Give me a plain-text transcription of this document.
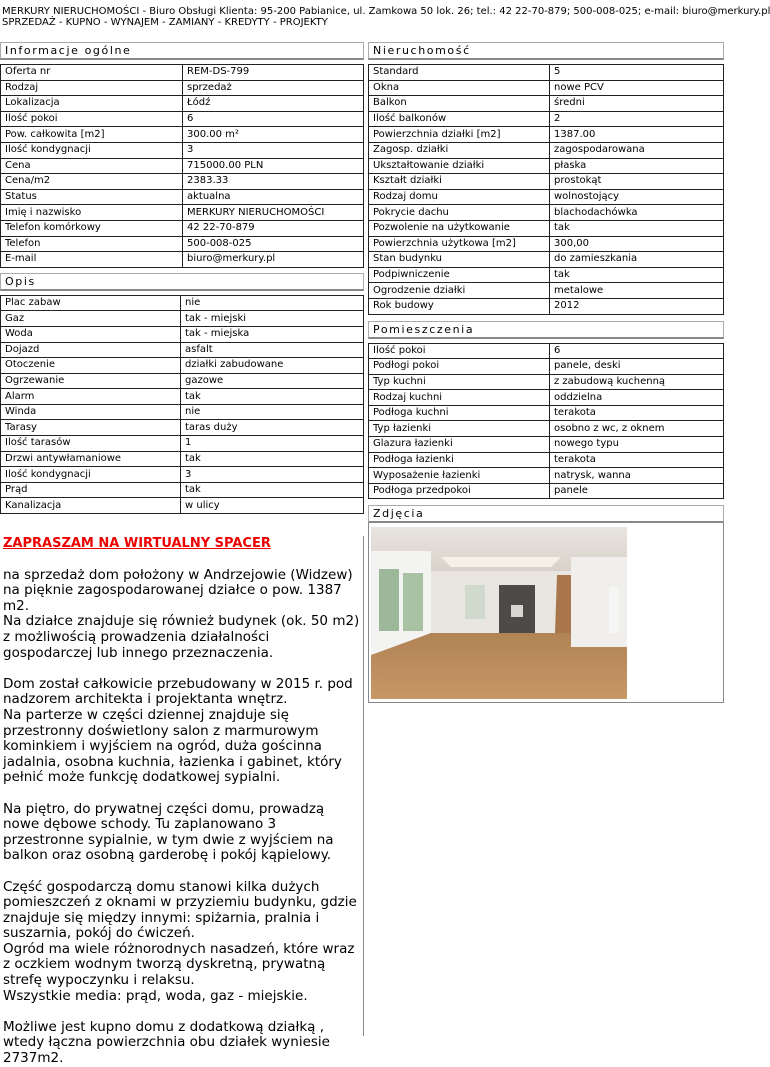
MERKURY NIERUCHOMOŚCI - Biuro Obsługi Klienta: 95-200 Pabianice, ul. Zamkowa 50 lok. 26; tel.: 42 22-70-879; 500-008-025; e-mail: biuro@merkury.pl
SPRZEDAŻ - KUPNO - WYNAJEM - ZAMIANY - KREDYTY - PROJEKTY
Informacje ogólne
Oferta nr	REM-DS-799
Rodzaj	sprzedaż
Lokalizacja	Łódź
Ilość pokoi	6
Pow. całkowita [m2]	300.00 m²
Ilość kondygnacji	3
Cena	715000.00 PLN
Cena/m2	2383.33
Status	aktualna
Imię i nazwisko	MERKURY NIERUCHOMOŚCI
Telefon komórkowy	42 22-70-879
Telefon	500-008-025
E-mail	biuro@merkury.pl
Opis
Plac zabaw	nie
Gaz	tak - miejski
Woda	tak - miejska
Dojazd	asfalt
Otoczenie	działki zabudowane
Ogrzewanie	gazowe
Alarm	tak
Winda	nie
Tarasy	taras duży
Ilość tarasów	1
Drzwi antywłamaniowe	tak
Ilość kondygnacji	3
Prąd	tak
Kanalizacja	w ulicy
ZAPRASZAM NA WIRTUALNY SPACER

na sprzedaż dom położony w Andrzejowie (Widzew) na pięknie zagospodarowanej działce o pow. 1387 m2.

Na działce znajduje się również budynek (ok. 50 m2) z możliwością prowadzenia działalności gospodarczej lub innego przeznaczenia.

Dom został całkowicie przebudowany w 2015 r. pod nadzorem architekta i projektanta wnętrz.

Na parterze w części dziennej znajduje się przestronny doświetlony salon z marmurowym kominkiem i wyjściem na ogród, duża gościnna jadalnia, osobna kuchnia, łazienka i gabinet, który pełnić może funkcję dodatkowej sypialni.

Na piętro, do prywatnej części domu, prowadzą nowe dębowe schody. Tu zaplanowano 3 przestronne sypialnie, w tym dwie z wyjściem na balkon oraz osobną garderobę i pokój kąpielowy.

Część gospodarczą domu stanowi kilka dużych pomieszczeń z oknami w przyziemiu budynku, gdzie znajduje się między innymi: spiżarnia, pralnia i suszarnia, pokój do ćwiczeń.

Ogród ma wiele różnorodnych nasadzeń, które wraz z oczkiem wodnym tworzą dyskretną, prywatną strefę wypoczynku i relaksu.

Wszystkie media: prąd, woda, gaz - miejskie.

Możliwe jest kupno domu z dodatkową działką , wtedy łączna powierzchnia obu działek wyniesie 2737m2.

Nieruchomość
Standard	5
Okna	nowe PCV
Balkon	średni
Ilość balkonów	2
Powierzchnia działki [m2]	1387.00
Zagosp. działki	zagospodarowana
Ukształtowanie działki	płaska
Kształt działki	prostokąt
Rodzaj domu	wolnostojący
Pokrycie dachu	blachodachówka
Pozwolenie na użytkowanie	tak
Powierzchnia użytkowa [m2]	300,00
Stan budynku	do zamieszkania
Podpiwniczenie	tak
Ogrodzenie działki	metalowe
Rok budowy	2012
Pomieszczenia
Ilość pokoi	6
Podłogi pokoi	panele, deski
Typ kuchni	z zabudową kuchenną
Rodzaj kuchni	oddzielna
Podłoga kuchni	terakota
Typ łazienki	osobno z wc, z oknem
Glazura łazienki	nowego typu
Podłoga łazienki	terakota
Wyposażenie łazienki	natrysk, wanna
Podłoga przedpokoi	panele
Zdjęcia
